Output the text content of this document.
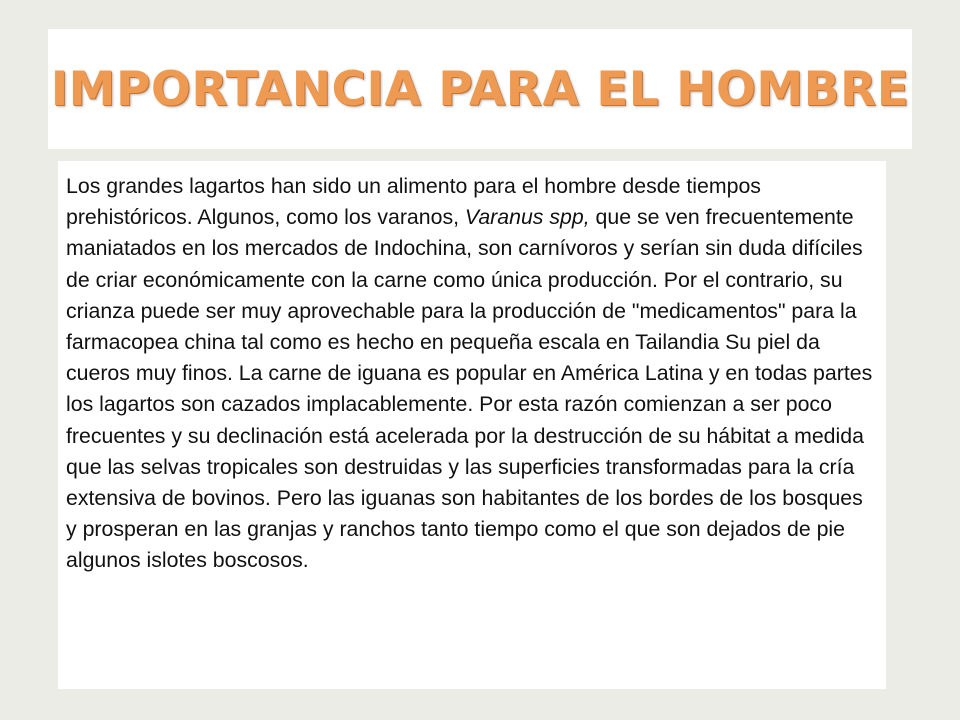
IMPORTANCIA PARA EL HOMBRE

Los grandes lagartos han sido un alimento para el hombre desde tiempos prehistóricos. Algunos, como los varanos, Varanus spp, que se ven frecuentemente maniatados en los mercados de Indochina, son carnívoros y serían sin duda difíciles de criar económicamente con la carne como única producción. Por el contrario, su crianza puede ser muy aprovechable para la producción de "medicamentos" para la farmacopea china tal como es hecho en pequeña escala en Tailandia Su piel da cueros muy finos. La carne de iguana es popular en América Latina y en todas partes los lagartos son cazados implacablemente. Por esta razón comienzan a ser poco frecuentes y su declinación está acelerada por la destrucción de su hábitat a medida que las selvas tropicales son destruidas y las superficies transformadas para la cría extensiva de bovinos. Pero las iguanas son habitantes de los bordes de los bosques y prosperan en las granjas y ranchos tanto tiempo como el que son dejados de pie algunos islotes boscosos.
